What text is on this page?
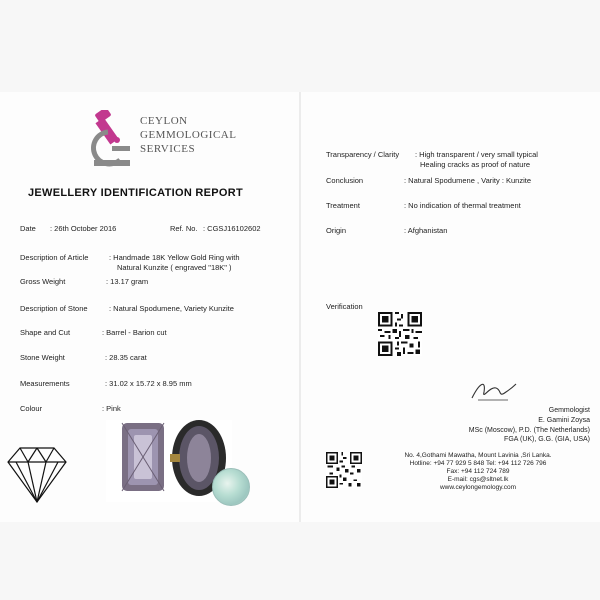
CEYLON
GEMMOLOGICAL
SERVICES
JEWELLERY IDENTIFICATION REPORT
Date : 26th October 2016	Ref. No. : CGSJ16102602
Description of Article	: Handmade 18K Yellow Gold Ring with
Natural Kunzite ( engraved "18K" )
Gross Weight	: 13.17 gram
Description of Stone	: Natural Spodumene, Variety Kunzite
Shape and Cut	: Barrel - Barion cut
Stone Weight	: 28.35 carat
Measurements	: 31.02 x 15.72 x 8.95 mm
Colour	: Pink
Transparency / Clarity : High transparent / very small typical
Healing cracks as proof of nature
Conclusion	: Natural Spodumene , Varity : Kunzite
Treatment	: No indication of thermal treatment
Origin	: Afghanistan
Verification
Gemmologist
E. Gamini Zoysa
MSc (Moscow), P.D. (The Netherlands)
FGA (UK), G.G. (GIA, USA)
No. 4,Gothami Mawatha, Mount Lavinia ,Sri Lanka.
Hotline: +94 77 929 5 848 Tel: +94 112 726 796
Fax: +94 112 724 789
E-mail: cgs@sltnet.lk
www.ceylongemology.com
